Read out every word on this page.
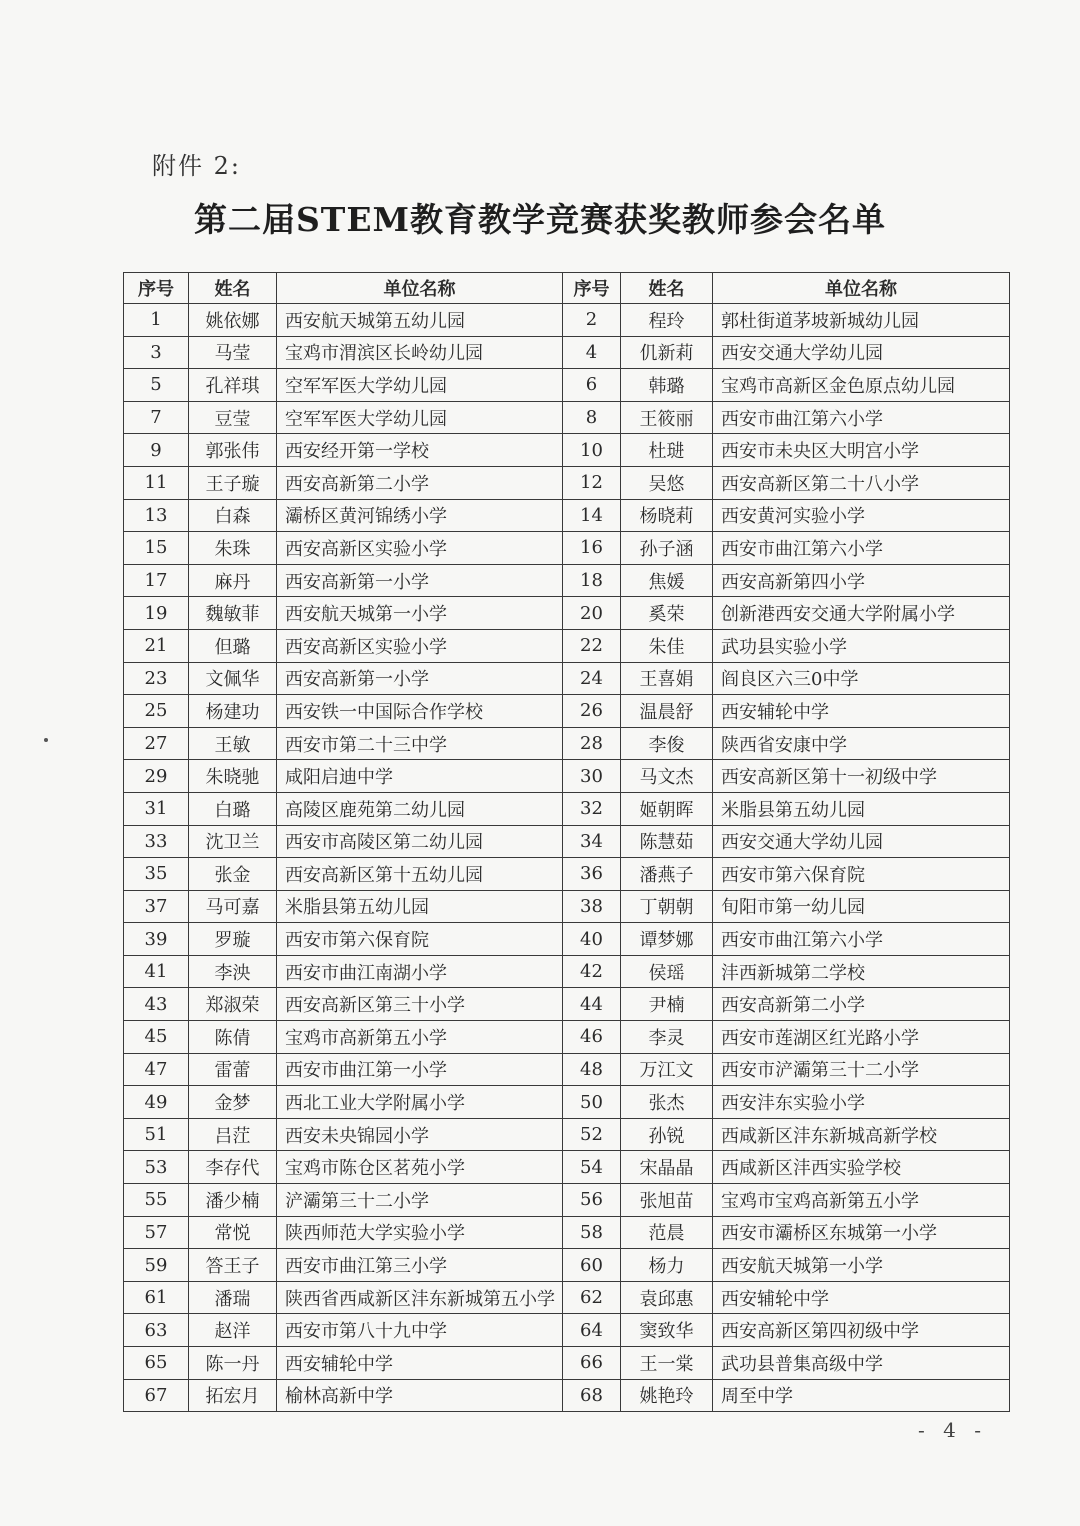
附件 2:
第二届STEM教育教学竞赛获奖教师参会名单
序号	姓名	单位名称	序号	姓名	单位名称
1	姚依娜	西安航天城第五幼儿园	2	程玲	郭杜街道茅坡新城幼儿园
3	马莹	宝鸡市渭滨区长岭幼儿园	4	仉新莉	西安交通大学幼儿园
5	孔祥琪	空军军医大学幼儿园	6	韩璐	宝鸡市高新区金色原点幼儿园
7	豆莹	空军军医大学幼儿园	8	王筱丽	西安市曲江第六小学
9	郭张伟	西安经开第一学校	10	杜琎	西安市未央区大明宫小学
11	王子璇	西安高新第二小学	12	吴悠	西安高新区第二十八小学
13	白森	灞桥区黄河锦绣小学	14	杨晓莉	西安黄河实验小学
15	朱珠	西安高新区实验小学	16	孙子涵	西安市曲江第六小学
17	麻丹	西安高新第一小学	18	焦媛	西安高新第四小学
19	魏敏菲	西安航天城第一小学	20	奚荣	创新港西安交通大学附属小学
21	但璐	西安高新区实验小学	22	朱佳	武功县实验小学
23	文佩华	西安高新第一小学	24	王喜娟	阎良区六三0中学
25	杨建功	西安铁一中国际合作学校	26	温晨舒	西安辅轮中学
27	王敏	西安市第二十三中学	28	李俊	陕西省安康中学
29	朱晓驰	咸阳启迪中学	30	马文杰	西安高新区第十一初级中学
31	白璐	高陵区鹿苑第二幼儿园	32	姬朝晖	米脂县第五幼儿园
33	沈卫兰	西安市高陵区第二幼儿园	34	陈慧茹	西安交通大学幼儿园
35	张金	西安高新区第十五幼儿园	36	潘燕子	西安市第六保育院
37	马可嘉	米脂县第五幼儿园	38	丁朝朝	旬阳市第一幼儿园
39	罗璇	西安市第六保育院	40	谭梦娜	西安市曲江第六小学
41	李泱	西安市曲江南湖小学	42	侯瑶	沣西新城第二学校
43	郑淑荣	西安高新区第三十小学	44	尹楠	西安高新第二小学
45	陈倩	宝鸡市高新第五小学	46	李灵	西安市莲湖区红光路小学
47	雷蕾	西安市曲江第一小学	48	万江文	西安市浐灞第三十二小学
49	金梦	西北工业大学附属小学	50	张杰	西安沣东实验小学
51	吕茳	西安未央锦园小学	52	孙锐	西咸新区沣东新城高新学校
53	李存代	宝鸡市陈仓区茗苑小学	54	宋晶晶	西咸新区沣西实验学校
55	潘少楠	浐灞第三十二小学	56	张旭苗	宝鸡市宝鸡高新第五小学
57	常悦	陕西师范大学实验小学	58	范晨	西安市灞桥区东城第一小学
59	答王子	西安市曲江第三小学	60	杨力	西安航天城第一小学
61	潘瑞	陕西省西咸新区沣东新城第五小学	62	袁邱惠	西安辅轮中学
63	赵洋	西安市第八十九中学	64	窦致华	西安高新区第四初级中学
65	陈一丹	西安辅轮中学	66	王一棠	武功县普集高级中学
67	拓宏月	榆林高新中学	68	姚艳玲	周至中学
- 4 -
